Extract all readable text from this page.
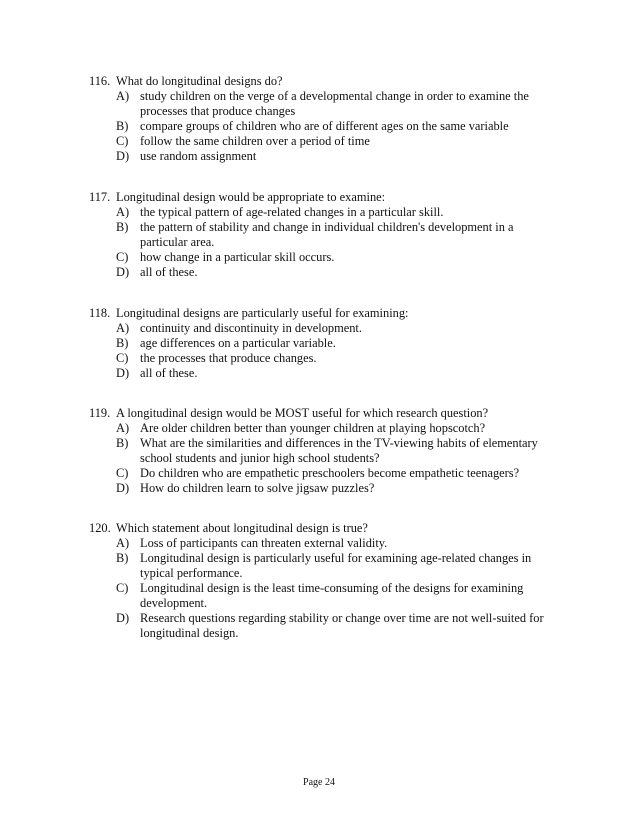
116. What do longitudinal designs do?
A) study children on the verge of a developmental change in order to examine the processes that produce changes
B) compare groups of children who are of different ages on the same variable
C) follow the same children over a period of time
D) use random assignment
117. Longitudinal design would be appropriate to examine:
A) the typical pattern of age-related changes in a particular skill.
B) the pattern of stability and change in individual children's development in a particular area.
C) how change in a particular skill occurs.
D) all of these.
118. Longitudinal designs are particularly useful for examining:
A) continuity and discontinuity in development.
B) age differences on a particular variable.
C) the processes that produce changes.
D) all of these.
119. A longitudinal design would be MOST useful for which research question?
A) Are older children better than younger children at playing hopscotch?
B) What are the similarities and differences in the TV-viewing habits of elementary school students and junior high school students?
C) Do children who are empathetic preschoolers become empathetic teenagers?
D) How do children learn to solve jigsaw puzzles?
120. Which statement about longitudinal design is true?
A) Loss of participants can threaten external validity.
B) Longitudinal design is particularly useful for examining age-related changes in typical performance.
C) Longitudinal design is the least time-consuming of the designs for examining development.
D) Research questions regarding stability or change over time are not well-suited for longitudinal design.
Page 24
